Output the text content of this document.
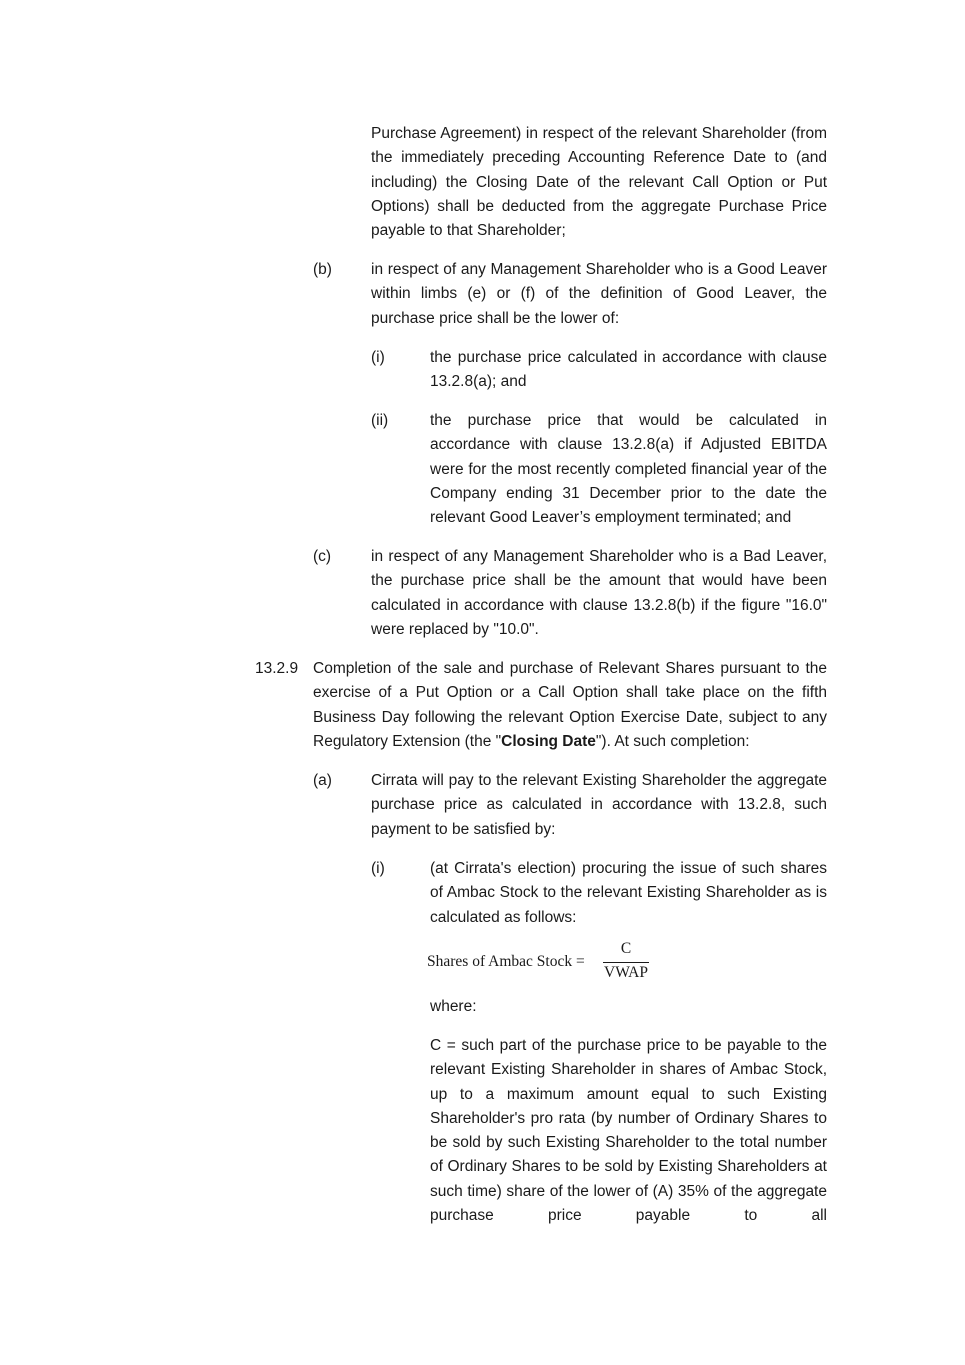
Purchase Agreement) in respect of the relevant Shareholder (from the immediately preceding Accounting Reference Date to (and including) the Closing Date of the relevant Call Option or Put Options) shall be deducted from the aggregate Purchase Price payable to that Shareholder;

(b)	in respect of any Management Shareholder who is a Good Leaver within limbs (e) or (f) of the definition of Good Leaver, the purchase price shall be the lower of:

(i)	the purchase price calculated in accordance with clause 13.2.8(a); and

(ii)	the purchase price that would be calculated in accordance with clause 13.2.8(a) if Adjusted EBITDA were for the most recently completed financial year of the Company ending 31 December prior to the date the relevant Good Leaver’s employment terminated; and

(c)	in respect of any Management Shareholder who is a Bad Leaver, the purchase price shall be the amount that would have been calculated in accordance with clause 13.2.8(b) if the figure "16.0" were replaced by "10.0".

13.2.9 Completion of the sale and purchase of Relevant Shares pursuant to the exercise of a Put Option or a Call Option shall take place on the fifth Business Day following the relevant Option Exercise Date, subject to any Regulatory Extension (the "Closing Date"). At such completion:

(a)	Cirrata will pay to the relevant Existing Shareholder the aggregate purchase price as calculated in accordance with 13.2.8, such payment to be satisfied by:

(i)	(at Cirrata's election) procuring the issue of such shares of Ambac Stock to the relevant Existing Shareholder as is calculated as follows:

Shares of Ambac Stock =
C
VWAP

where:

C = such part of the purchase price to be payable to the relevant Existing Shareholder in shares of Ambac Stock, up to a maximum amount equal to such Existing Shareholder's pro rata (by number of Ordinary Shares to be sold by such Existing Shareholder to the total number of Ordinary Shares to be sold by Existing Shareholders at such time) share of the lower of (A) 35% of the aggregate purchase price payable to all
